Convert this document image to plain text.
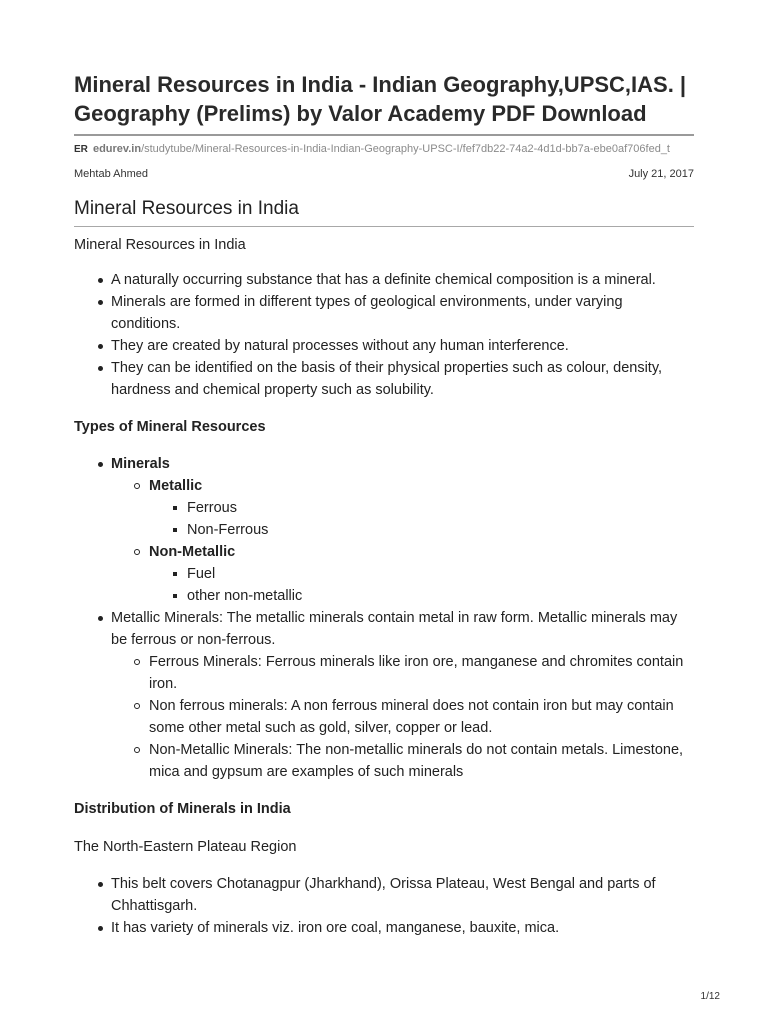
Mineral Resources in India - Indian Geography,UPSC,IAS. | Geography (Prelims) by Valor Academy PDF Download
ER edurev.in/studytube/Mineral-Resources-in-India-Indian-Geography-UPSC-I/fef7db22-74a2-4d1d-bb7a-ebe0af706fed_t
Mehtab Ahmed	July 21, 2017
Mineral Resources in India
Mineral Resources in India
A naturally occurring substance that has a definite chemical composition is a mineral.
Minerals are formed in different types of geological environments, under varying conditions.
They are created by natural processes without any human interference.
They can be identified on the basis of their physical properties such as colour, density, hardness and chemical property such as solubility.
Types of Mineral Resources
Minerals
Metallic
Ferrous
Non-Ferrous
Non-Metallic
Fuel
other non-metallic
Metallic Minerals: The metallic minerals contain metal in raw form. Metallic minerals may be ferrous or non-ferrous.
Ferrous Minerals: Ferrous minerals like iron ore, manganese and chromites contain iron.
Non ferrous minerals: A non ferrous mineral does not contain iron but may contain some other metal such as gold, silver, copper or lead.
Non-Metallic Minerals: The non-metallic minerals do not contain metals. Limestone, mica and gypsum are examples of such minerals
Distribution of Minerals in India
The North-Eastern Plateau Region
This belt covers Chotanagpur (Jharkhand), Orissa Plateau, West Bengal and parts of Chhattisgarh.
It has variety of minerals viz. iron ore coal, manganese, bauxite, mica.
1/12
